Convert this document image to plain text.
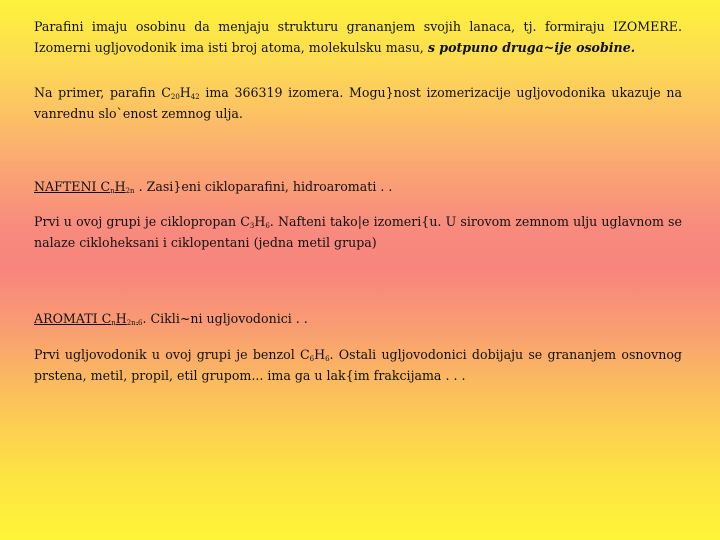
Parafini imaju osobinu da menjaju strukturu grananjem svojih lanaca, tj. formiraju IZOMERE. Izomerni ugljovodonik ima isti broj atoma, molekulsku masu, s potpuno druga~ije osobine.

Na primer, parafin $C_{20}H_{42}$ ima 366319 izomera. Mogu}nost izomerizacije ugljovodonika ukazuje na vanrednu slo`enost zemnog ulja.

NAFTENI $C_nH_{2n}$ . Zasi}eni cikloparafini, hidroaromati . .

Prvi u ovoj grupi je ciklopropan $C_3H_6$. Nafteni tako|e izomeri{u. U sirovom zemnom ulju uglavnom se nalaze cikloheksani i ciklopentani (jedna metil grupa)

AROMATI $C_nH_{2n-6}$. Cikli~ni ugljovodonici . .

Prvi ugljovodonik u ovoj grupi je benzol $C_6H_6$. Ostali ugljovodonici dobijaju se grananjem osnovnog prstena, metil, propil, etil grupom... ima ga u lak{im frakcijama . . .
